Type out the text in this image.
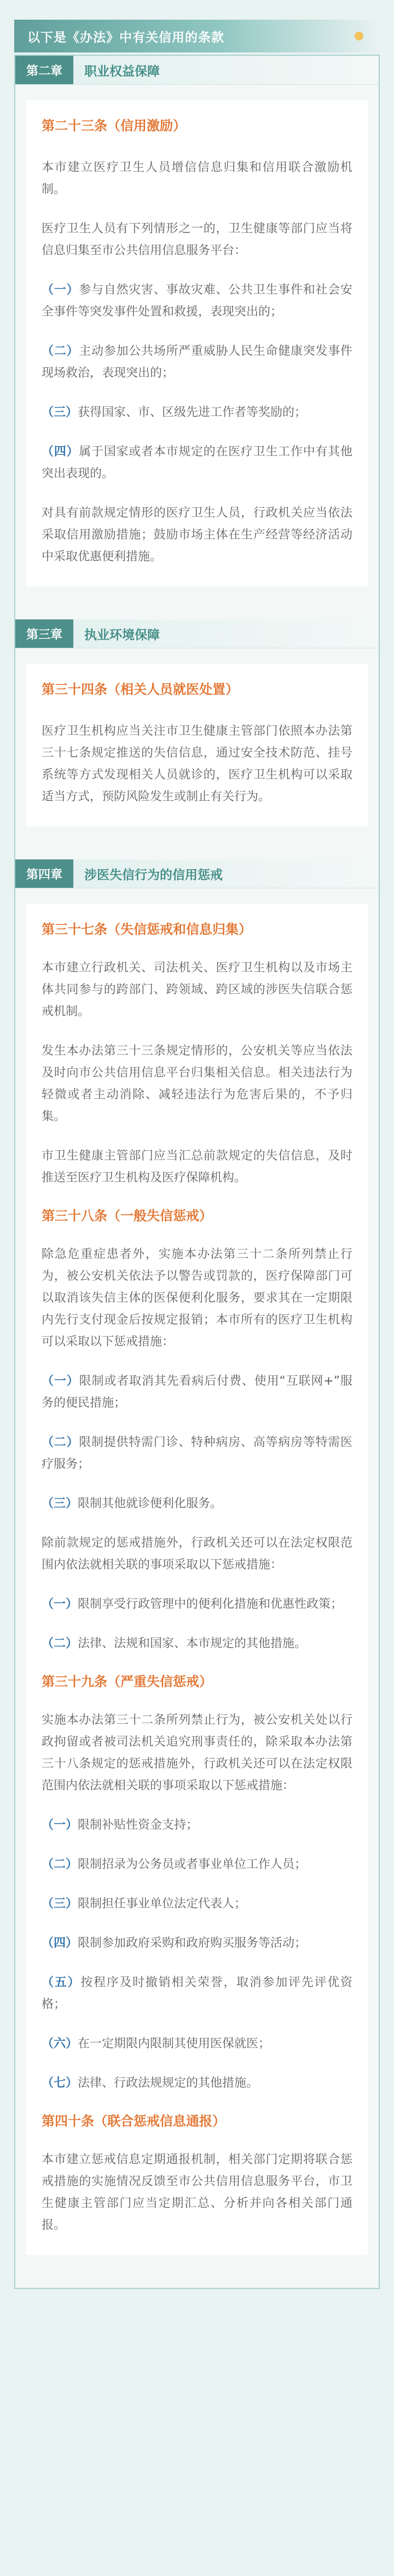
以下是《办法》中有关信用的条款
第二章	职业权益保障

第二十三条（信用激励）

本市建立医疗卫生人员增信信息归集和信用联合激励机制。

医疗卫生人员有下列情形之一的，卫生健康等部门应当将信息归集至市公共信用信息服务平台：

（一）参与自然灾害、事故灾难、公共卫生事件和社会安全事件等突发事件处置和救援，表现突出的；

（二）主动参加公共场所严重威胁人民生命健康突发事件现场救治，表现突出的；

（三）获得国家、市、区级先进工作者等奖励的；

（四）属于国家或者本市规定的在医疗卫生工作中有其他突出表现的。

对具有前款规定情形的医疗卫生人员，行政机关应当依法采取信用激励措施；鼓励市场主体在生产经营等经济活动中采取优惠便利措施。

第三章	执业环境保障

第三十四条（相关人员就医处置）

医疗卫生机构应当关注市卫生健康主管部门依照本办法第三十七条规定推送的失信信息，通过安全技术防范、挂号系统等方式发现相关人员就诊的，医疗卫生机构可以采取适当方式，预防风险发生或制止有关行为。

第四章	涉医失信行为的信用惩戒

第三十七条（失信惩戒和信息归集）

本市建立行政机关、司法机关、医疗卫生机构以及市场主体共同参与的跨部门、跨领域、跨区域的涉医失信联合惩戒机制。

发生本办法第三十三条规定情形的，公安机关等应当依法及时向市公共信用信息平台归集相关信息。相关违法行为轻微或者主动消除、减轻违法行为危害后果的，不予归集。

市卫生健康主管部门应当汇总前款规定的失信信息，及时推送至医疗卫生机构及医疗保障机构。

第三十八条（一般失信惩戒）

除急危重症患者外，实施本办法第三十二条所列禁止行为，被公安机关依法予以警告或罚款的，医疗保障部门可以取消该失信主体的医保便利化服务，要求其在一定期限内先行支付现金后按规定报销；本市所有的医疗卫生机构可以采取以下惩戒措施：

（一）限制或者取消其先看病后付费、使用“互联网+”服务的便民措施；

（二）限制提供特需门诊、特种病房、高等病房等特需医疗服务；

（三）限制其他就诊便利化服务。

除前款规定的惩戒措施外，行政机关还可以在法定权限范围内依法就相关联的事项采取以下惩戒措施：

（一）限制享受行政管理中的便利化措施和优惠性政策；

（二）法律、法规和国家、本市规定的其他措施。

第三十九条（严重失信惩戒）

实施本办法第三十二条所列禁止行为，被公安机关处以行政拘留或者被司法机关追究刑事责任的，除采取本办法第三十八条规定的惩戒措施外，行政机关还可以在法定权限范围内依法就相关联的事项采取以下惩戒措施：

（一）限制补贴性资金支持；

（二）限制招录为公务员或者事业单位工作人员；

（三）限制担任事业单位法定代表人；

（四）限制参加政府采购和政府购买服务等活动；

（五）按程序及时撤销相关荣誉，取消参加评先评优资格；

（六）在一定期限内限制其使用医保就医；

（七）法律、行政法规规定的其他措施。

第四十条（联合惩戒信息通报）

本市建立惩戒信息定期通报机制，相关部门定期将联合惩戒措施的实施情况反馈至市公共信用信息服务平台，市卫生健康主管部门应当定期汇总、分析并向各相关部门通报。
